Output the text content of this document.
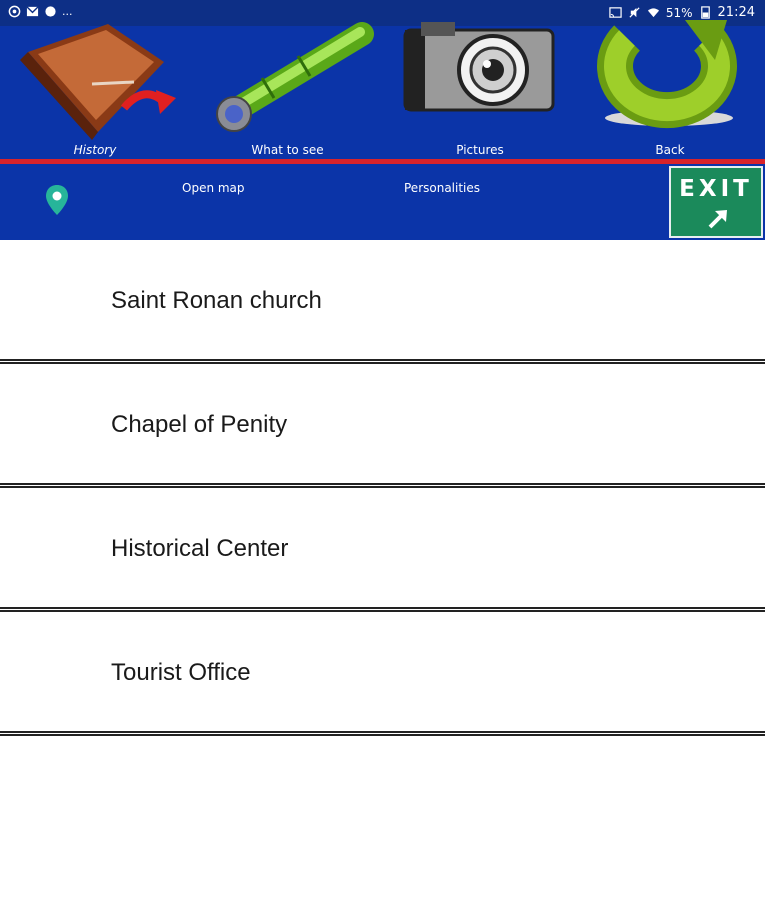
...	51% 21:24
History	What to see	Pictures	Back
Open map	Personalities	EXIT
Saint Ronan church
Chapel of Penity
Historical Center
Tourist Office
